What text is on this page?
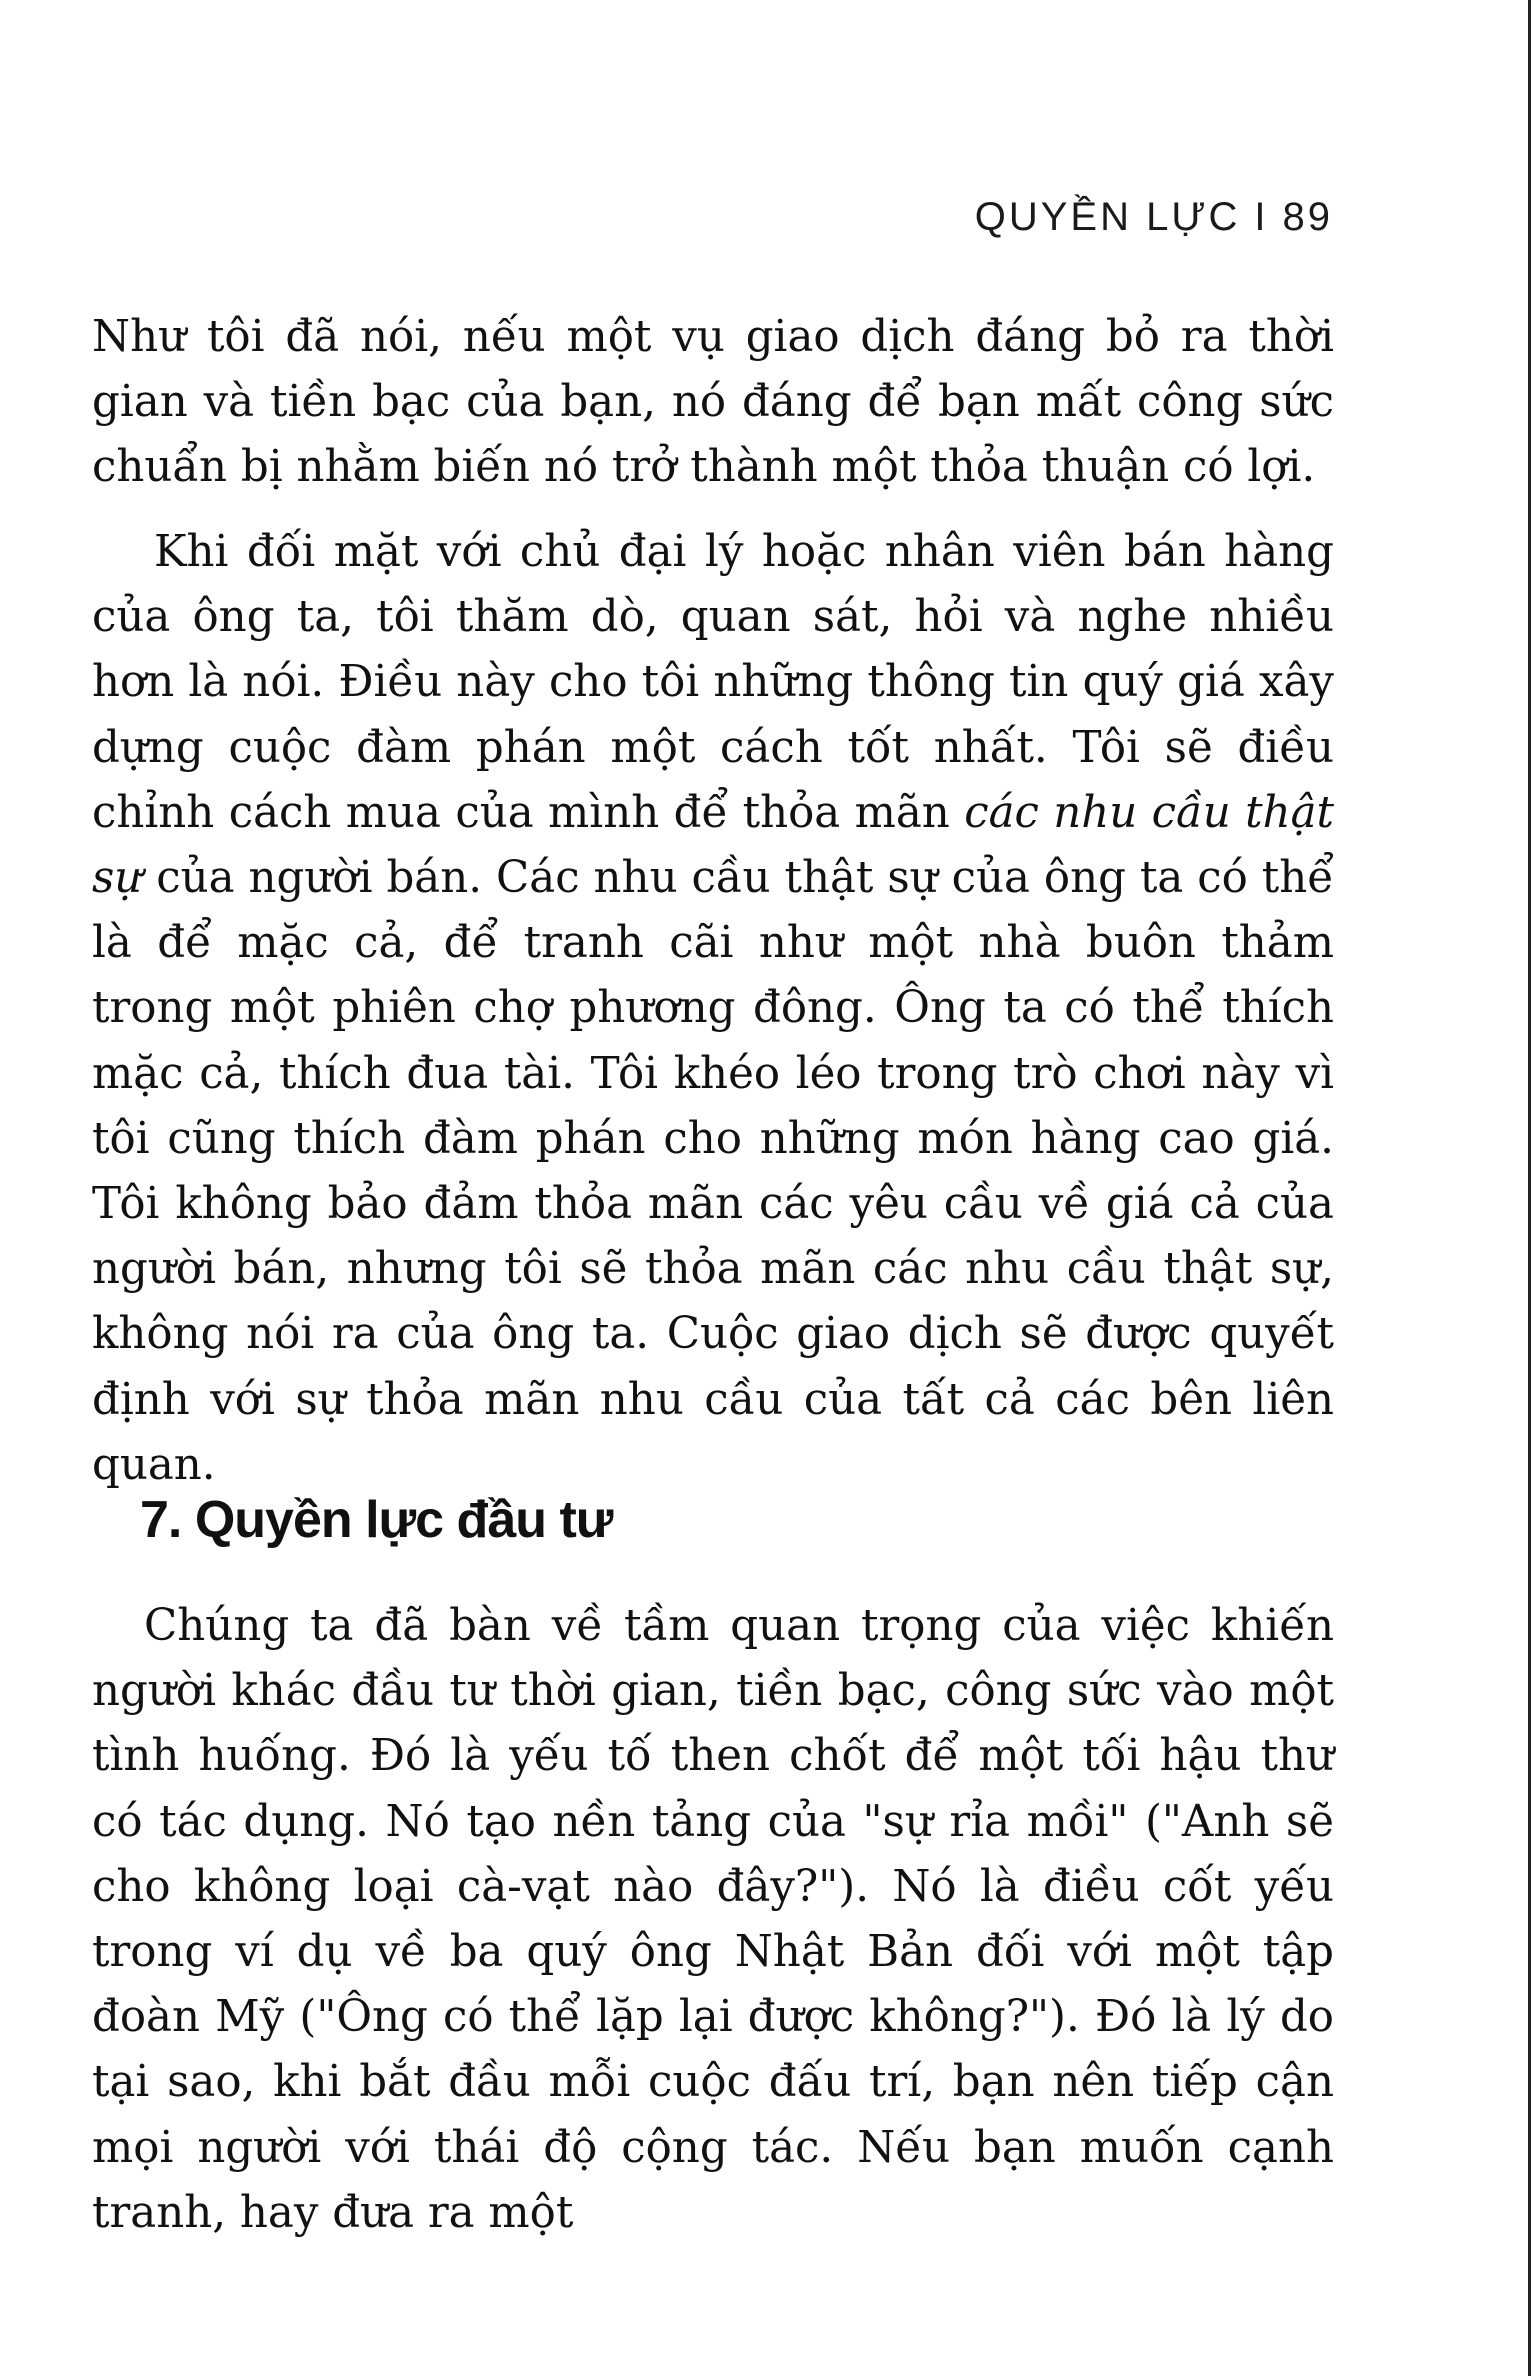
QUYỀN LỰC I 89

Như tôi đã nói, nếu một vụ giao dịch đáng bỏ ra thời gian và tiền bạc của bạn, nó đáng để bạn mất công sức chuẩn bị nhằm biến nó trở thành một thỏa thuận có lợi.

Khi đối mặt với chủ đại lý hoặc nhân viên bán hàng của ông ta, tôi thăm dò, quan sát, hỏi và nghe nhiều hơn là nói. Điều này cho tôi những thông tin quý giá xây dựng cuộc đàm phán một cách tốt nhất. Tôi sẽ điều chỉnh cách mua của mình để thỏa mãn các nhu cầu thật sự của người bán. Các nhu cầu thật sự của ông ta có thể là để mặc cả, để tranh cãi như một nhà buôn thảm trong một phiên chợ phương đông. Ông ta có thể thích mặc cả, thích đua tài. Tôi khéo léo trong trò chơi này vì tôi cũng thích đàm phán cho những món hàng cao giá. Tôi không bảo đảm thỏa mãn các yêu cầu về giá cả của người bán, nhưng tôi sẽ thỏa mãn các nhu cầu thật sự, không nói ra của ông ta. Cuộc giao dịch sẽ được quyết định với sự thỏa mãn nhu cầu của tất cả các bên liên quan.

7. Quyền lực đầu tư

Chúng ta đã bàn về tầm quan trọng của việc khiến người khác đầu tư thời gian, tiền bạc, công sức vào một tình huống. Đó là yếu tố then chốt để một tối hậu thư có tác dụng. Nó tạo nền tảng của "sự rỉa mồi" ("Anh sẽ cho không loại cà-vạt nào đây?"). Nó là điều cốt yếu trong ví dụ về ba quý ông Nhật Bản đối với một tập đoàn Mỹ ("Ông có thể lặp lại được không?"). Đó là lý do tại sao, khi bắt đầu mỗi cuộc đấu trí, bạn nên tiếp cận mọi người với thái độ cộng tác. Nếu bạn muốn cạnh tranh, hay đưa ra một
